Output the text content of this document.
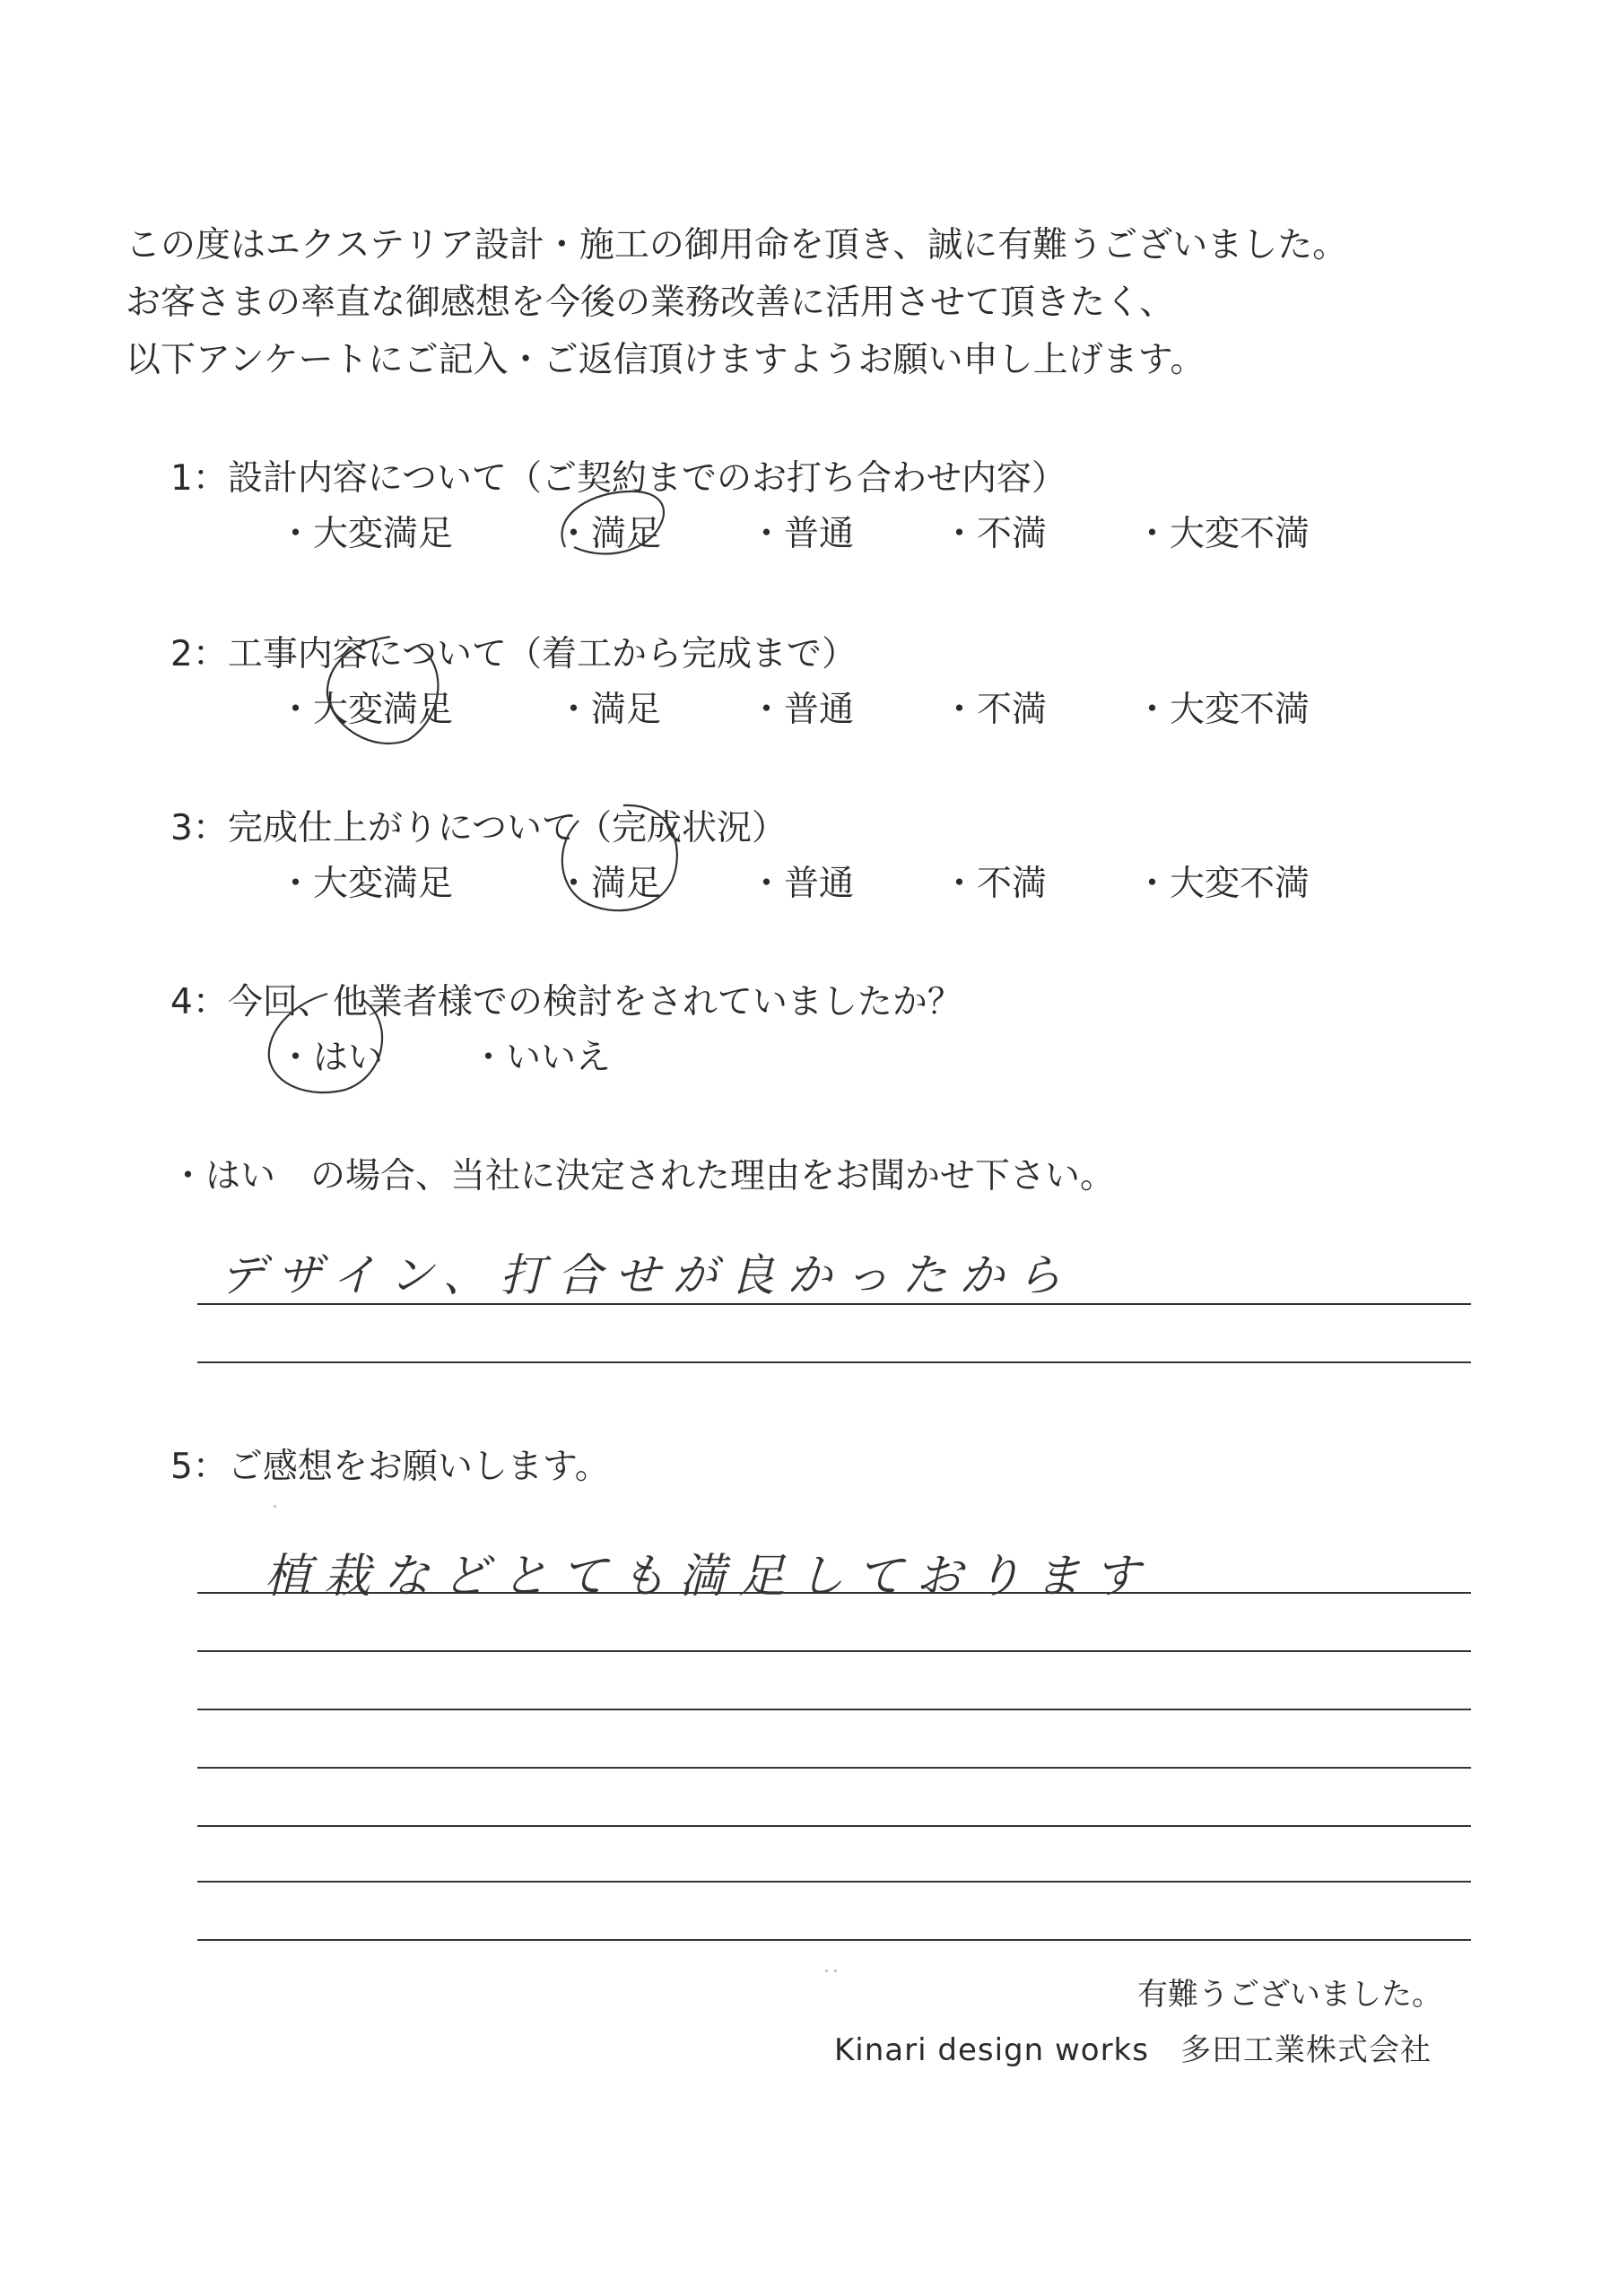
この度はエクステリア設計・施工の御用命を頂き、誠に有難うございました。
お客さまの率直な御感想を今後の業務改善に活用させて頂きたく、
以下アンケートにご記入・ご返信頂けますようお願い申し上げます。
1：設計内容について（ご契約までのお打ち合わせ内容）
・大変満足	・満足	・普通	・不満	・大変不満
2：工事内容について（着工から完成まで）
・大変満足	・満足	・普通	・不満	・大変不満
3：完成仕上がりについて（完成状況）
・大変満足	・満足	・普通	・不満	・大変不満
4：今回、他業者様での検討をされていましたか？
・はい	・いいえ
・はい　の場合、当社に決定された理由をお聞かせ下さい。
デザイン、打合せが良かったから
5：ご感想をお願いします。
植栽などとても満足しております
有難うございました。
Kinari design works　多田工業株式会社
